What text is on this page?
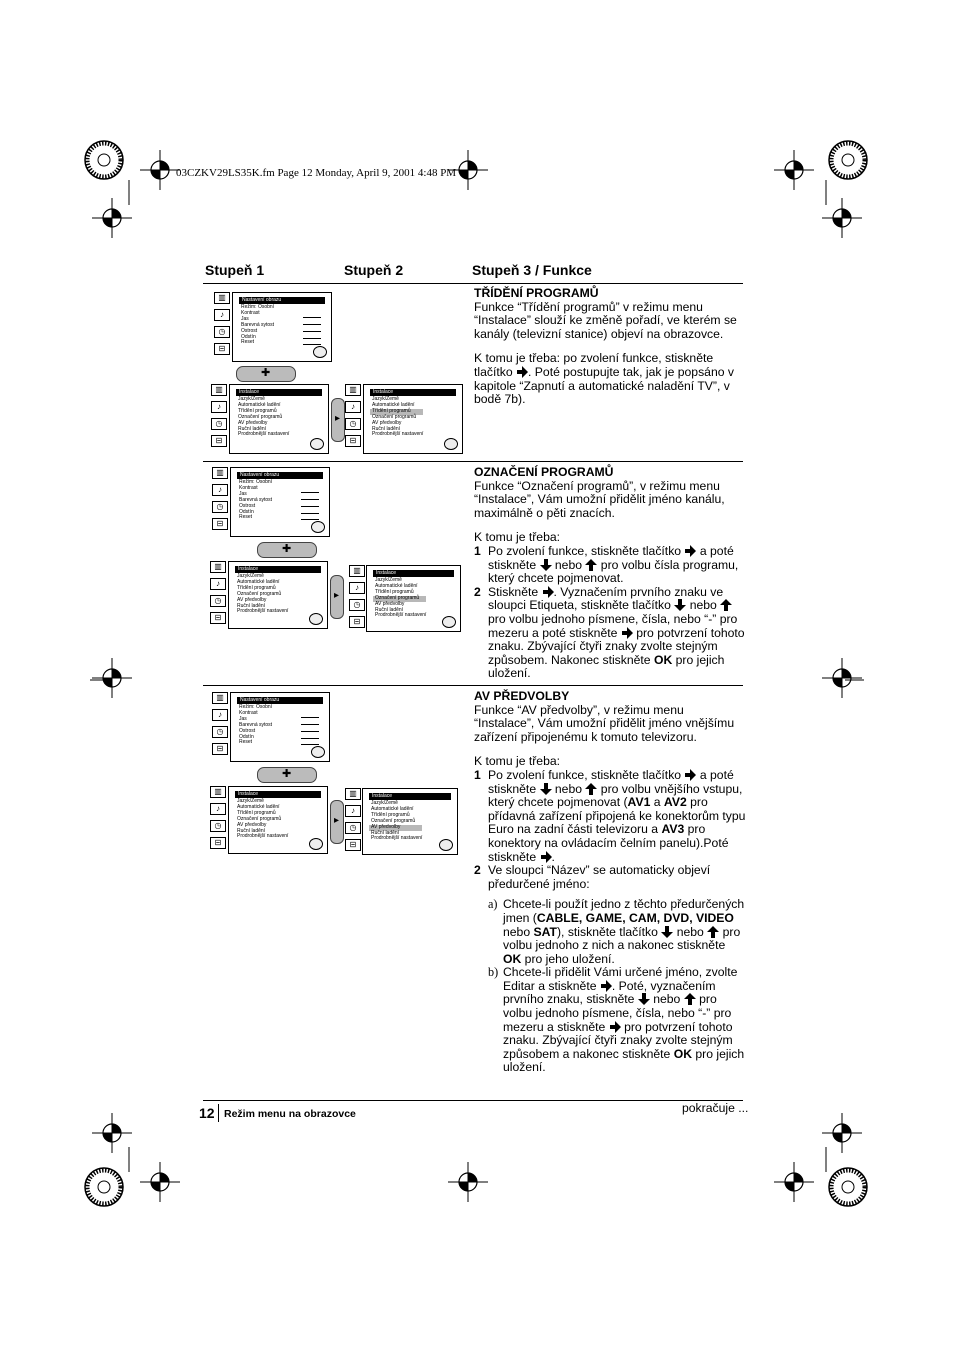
03CZKV29LS35K.fm Page 12 Monday, April 9, 2001 4:48 PM
Stupeň 1	Stupeň 2	Stupeň 3 / Funkce
▥
♪
◷
⊟
Nastavení obrazu
Režim: Osobní
Kontrast
Jas
Barevná sytost
Ostrost
Odstín
Reset
✚
▥
♪
◷
⊟
Instalace
Jazyk/Země
Automatické ladění
Třídění programů
Označení programů
AV předvolby
Ruční ladění
Prodrobnější nastavení
▸
▥
♪
◷
⊟
Instalace
Jazyk/Země
Automatické ladění
Třídění programů
Označení programů
AV předvolby
Ruční ladění
Prodrobnější nastavení
▥
♪
◷
⊟
Nastavení obrazu
Režim: Osobní
Kontrast
Jas
Barevná sytost
Ostrost
Odstín
Reset
✚
▥
♪
◷
⊟
Instalace
Jazyk/Země
Automatické ladění
Třídění programů
Označení programů
AV předvolby
Ruční ladění
Prodrobnější nastavení
▸
▥
♪
◷
⊟
Instalace
Jazyk/Země
Automatické ladění
Třídění programů
Označení programů
AV předvolby
Ruční ladění
Prodrobnější nastavení
▥
♪
◷
⊟
Nastavení obrazu
Režim: Osobní
Kontrast
Jas
Barevná sytost
Ostrost
Odstín
Reset
✚
▥
♪
◷
⊟
Instalace
Jazyk/Země
Automatické ladění
Třídění programů
Označení programů
AV předvolby
Ruční ladění
Prodrobnější nastavení
▸
▥
♪
◷
⊟
Instalace
Jazyk/Země
Automatické ladění
Třídění programů
Označení programů
AV předvolby
Ruční ladění
Prodrobnější nastavení
TŘÍDĚNÍ PROGRAMŮ

Funkce “Třídění programů” v režimu menu “Instalace” slouží ke změně pořadí, ve kterém se kanály (televizní stanice) objeví na obrazovce.

K tomu je třeba: po zvolení funkce, stiskněte tlačítko . Poté postupujte tak, jak je popsáno v kapitole “Zapnutí a automatické naladění TV”, v bodě 7b).

OZNAČENÍ PROGRAMŮ

Funkce “Označení programů”, v režimu menu “Instalace”, Vám umožní přidělit jméno kanálu, maximálně o pěti znacích.

K tomu je třeba:

1 Po zvolení funkce, stiskněte tlačítko a poté stiskněte nebo pro volbu čísla programu, který chcete pojmenovat.
2 Stiskněte . Vyznačením prvního znaku ve sloupci Etiqueta, stiskněte tlačítko nebo  pro volbu jednoho písmene, čísla, nebo “-” pro mezeru a poté stiskněte pro potvrzení tohoto znaku. Zbývající čtyři znaky zvolte stejným způsobem. Nakonec stiskněte OK pro jejich uložení.
AV PŘEDVOLBY

Funkce “AV předvolby”, v režimu menu “Instalace”, Vám umožní přidělit jméno vnějšímu zařízení připojenému k tomuto televizoru.

K tomu je třeba:

1 Po zvolení funkce, stiskněte tlačítko a poté stiskněte nebo pro volbu vnějšího vstupu, který chcete pojmenovat (AV1 a AV2 pro přídavná zařízení připojená ke konektorům typu Euro na zadní části televizoru a AV3 pro konektory na ovládacím čelním panelu).Poté stiskněte .
2 Ve sloupci “Název” se automaticky objeví předurčené jméno:
a) Chcete-li použít jedno z těchto předurčených jmen (CABLE, GAME, CAM, DVD, VIDEO nebo SAT), stiskněte tlačítko nebo pro volbu jednoho z nich a nakonec stiskněte OK pro jeho uložení.
b) Chcete-li přidělit Vámi určené jméno, zvolte Editar a stiskněte . Poté, vyznačením prvního znaku, stiskněte nebo pro volbu jednoho písmene, čísla, nebo “-” pro mezeru a stiskněte pro potvrzení tohoto znaku. Zbývající čtyři znaky zvolte stejným způsobem a nakonec stiskněte OK pro jejich uložení.
12 Režim menu na obrazovce	pokračuje ...
